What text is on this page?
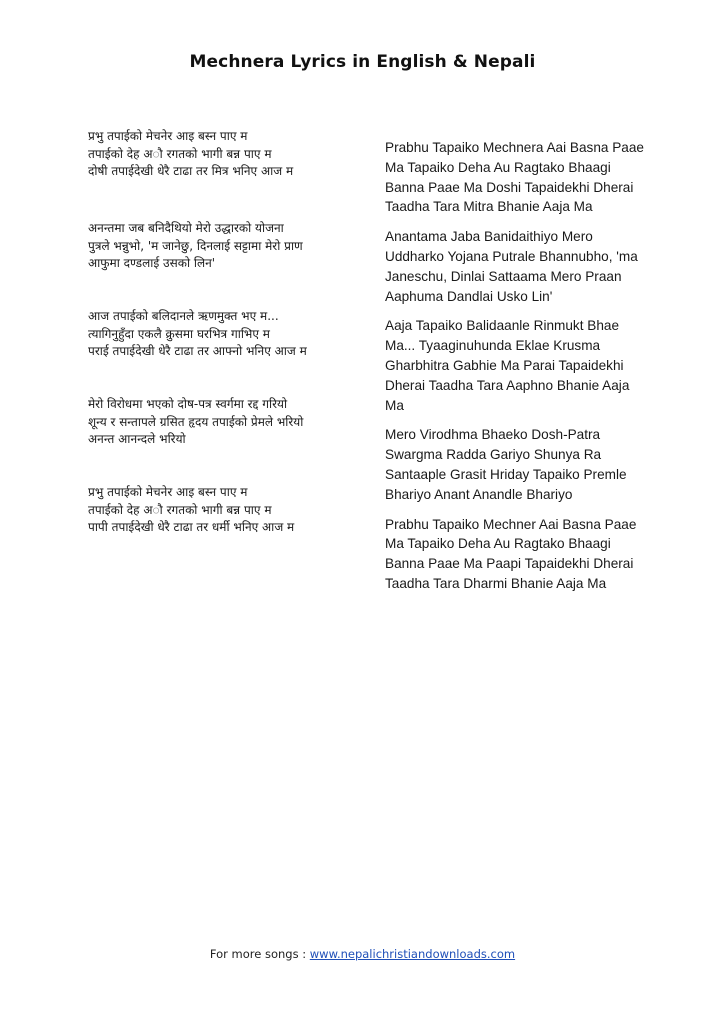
Mechnera Lyrics in English & Nepali

प्रभु तपाईको मेचनेर आइ बस्न पाए म
तपाईको देह अौ रगतको भागी बन्न पाए म
दोषी तपाईदेखी धेरै टाढा तर मित्र भनिए आज म

अनन्तमा जब बनिदैथियो मेरो उद्धारको योजना
पुत्रले भन्नुभो, 'म जानेछु, दिनलाई सट्टामा मेरो प्राण
आफुमा दण्डलाई उसको लिन'

आज तपाईको बलिदानले ऋणमुक्त भए म...
त्यागिनुहुँदा एकलै क्रुसमा घरभित्र गाभिए म
पराई तपाईदेखी धेरै टाढा तर आफ्नो भनिए आज म

मेरो विरोधमा भएको दोष-पत्र स्वर्गमा रद्द गरियो
शून्य र सन्तापले ग्रसित हृदय तपाईको प्रेमले भरियो
अनन्त आनन्दले भरियो

प्रभु तपाईको मेचनेर आइ बस्न पाए म
तपाईको देह अौ रगतको भागी बन्न पाए म
पापी तपाईदेखी धेरै टाढा तर धर्मी भनिए आज म

Prabhu Tapaiko Mechnera Aai Basna Paae Ma Tapaiko Deha Au Ragtako Bhaagi Banna Paae Ma Doshi Tapaidekhi Dherai Taadha Tara Mitra Bhanie Aaja Ma

Anantama Jaba Banidaithiyo Mero Uddharko Yojana Putrale Bhannubho, 'ma Janeschu, Dinlai Sattaama Mero Praan Aaphuma Dandlai Usko Lin'

Aaja Tapaiko Balidaanle Rinmukt Bhae Ma... Tyaaginuhunda Eklae Krusma Gharbhitra Gabhie Ma Parai Tapaidekhi Dherai Taadha Tara Aaphno Bhanie Aaja Ma

Mero Virodhma Bhaeko Dosh-Patra Swargma Radda Gariyo Shunya Ra Santaaple Grasit Hriday Tapaiko Premle Bhariyo Anant Anandle Bhariyo

Prabhu Tapaiko Mechner Aai Basna Paae Ma Tapaiko Deha Au Ragtako Bhaagi Banna Paae Ma Paapi Tapaidekhi Dherai Taadha Tara Dharmi Bhanie Aaja Ma

For more songs : www.nepalichristiandownloads.com
